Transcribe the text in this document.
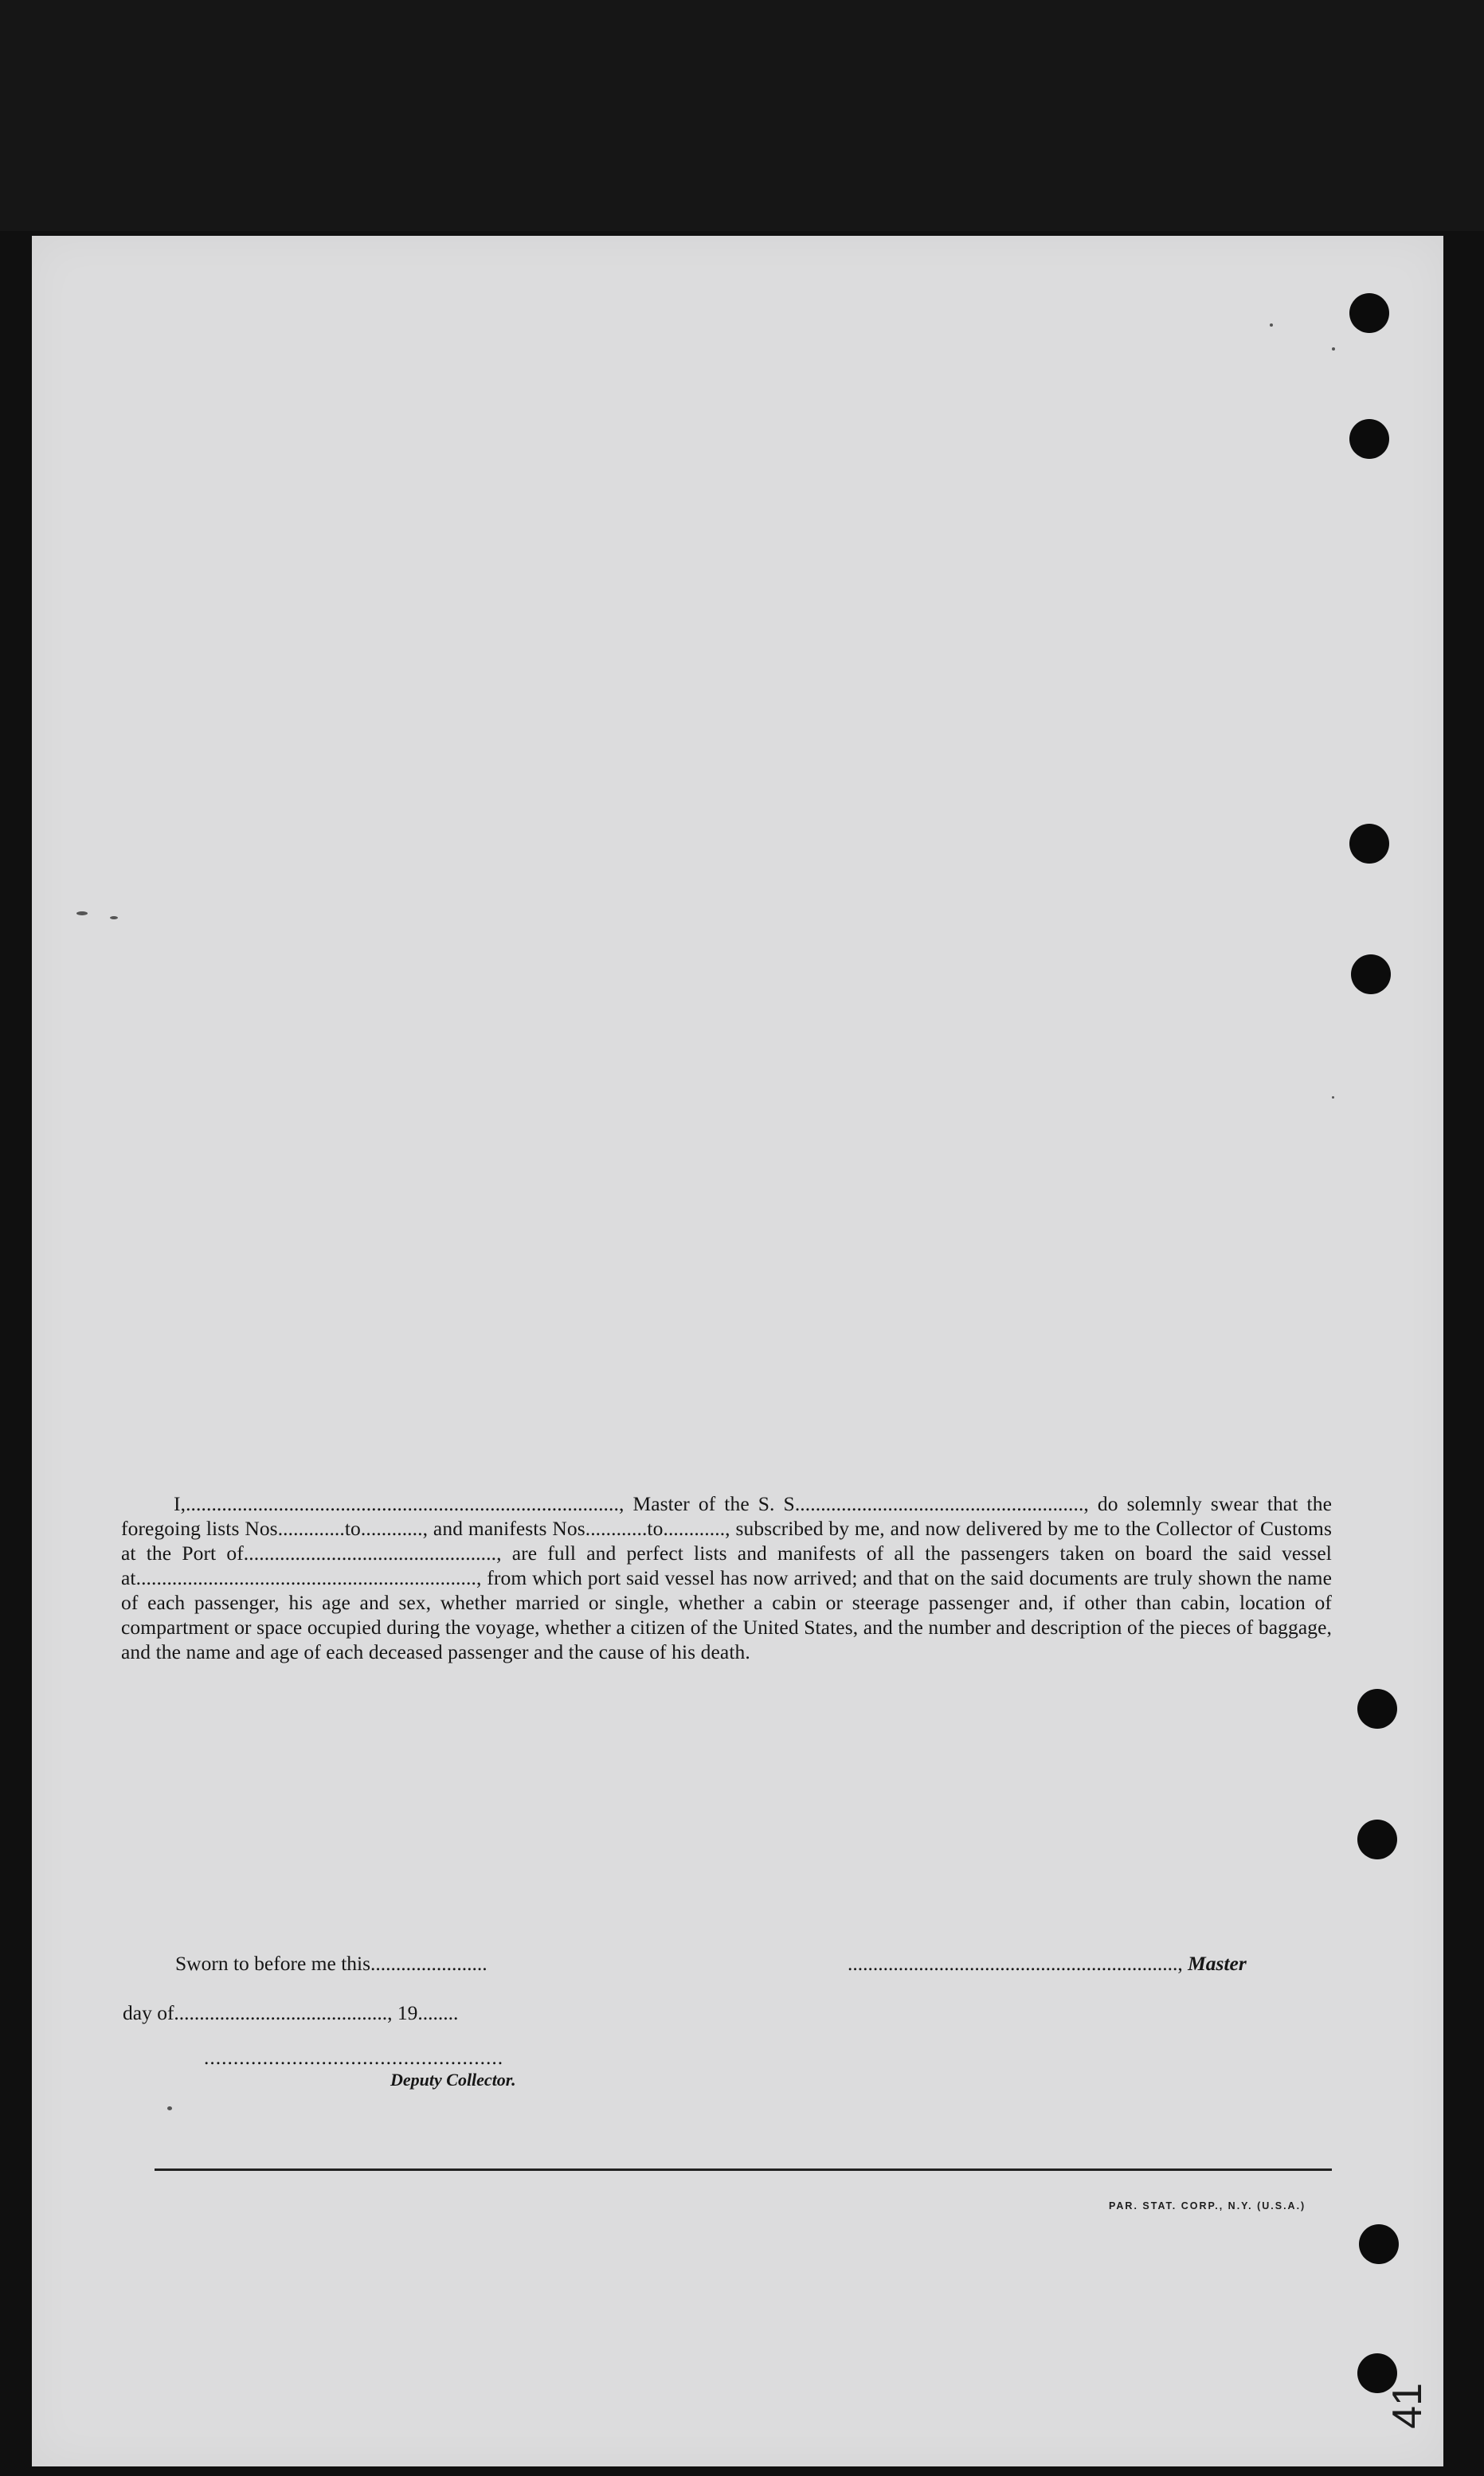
I,...................................................................................., Master of the S. S........................................................, do solemnly swear that the foregoing lists Nos.............to............, and manifests Nos............to............, subscribed by me, and now delivered by me to the Collector of Customs at the Port of................................................., are full and perfect lists and manifests of all the passengers taken on board the said vessel at.................................................................., from which port said vessel has now arrived; and that on the said documents are truly shown the name of each passenger, his age and sex, whether married or single, whether a cabin or steerage passenger and, if other than cabin, location of compartment or space occupied during the voyage, whether a citizen of the United States, and the number and description of the pieces of baggage, and the name and age of each deceased passenger and the cause of his death.

Sworn to before me this.......................	................................................................., Master
day of.........................................., 19........
...................................................
Deputy Collector.
PAR. STAT. CORP., N.Y. (U.S.A.)
41
